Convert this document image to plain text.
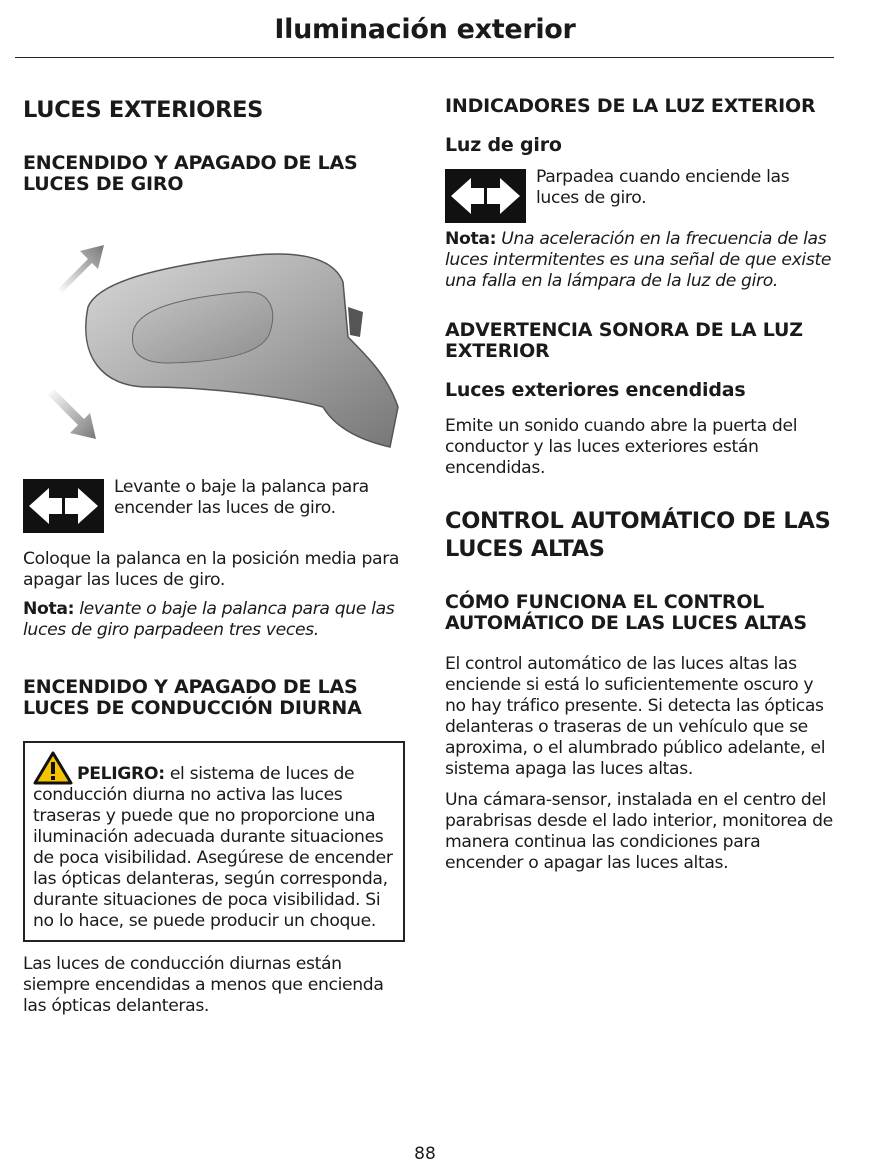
Iluminación exterior
LUCES EXTERIORES
ENCENDIDO Y APAGADO DE LAS LUCES DE GIRO
Levante o baje la palanca para encender las luces de giro.
Coloque la palanca en la posición media para apagar las luces de giro.
Nota: levante o baje la palanca para que las luces de giro parpadeen tres veces.
ENCENDIDO Y APAGADO DE LAS LUCES DE CONDUCCIÓN DIURNA
PELIGRO: el sistema de luces de conducción diurna no activa las luces traseras y puede que no proporcione una iluminación adecuada durante situaciones de poca visibilidad. Asegúrese de encender las ópticas delanteras, según corresponda, durante situaciones de poca visibilidad. Si no lo hace, se puede producir un choque.
Las luces de conducción diurnas están siempre encendidas a menos que encienda las ópticas delanteras.
INDICADORES DE LA LUZ EXTERIOR
Luz de giro
Parpadea cuando enciende las luces de giro.
Nota: Una aceleración en la frecuencia de las luces intermitentes es una señal de que existe una falla en la lámpara de la luz de giro.
ADVERTENCIA SONORA DE LA LUZ EXTERIOR
Luces exteriores encendidas
Emite un sonido cuando abre la puerta del conductor y las luces exteriores están encendidas.
CONTROL AUTOMÁTICO DE LAS LUCES ALTAS
CÓMO FUNCIONA EL CONTROL AUTOMÁTICO DE LAS LUCES ALTAS
El control automático de las luces altas las enciende si está lo suficientemente oscuro y no hay tráfico presente. Si detecta las ópticas delanteras o traseras de un vehículo que se aproxima, o el alumbrado público adelante, el sistema apaga las luces altas.
Una cámara-sensor, instalada en el centro del parabrisas desde el lado interior, monitorea de manera continua las condiciones para encender o apagar las luces altas.
88
